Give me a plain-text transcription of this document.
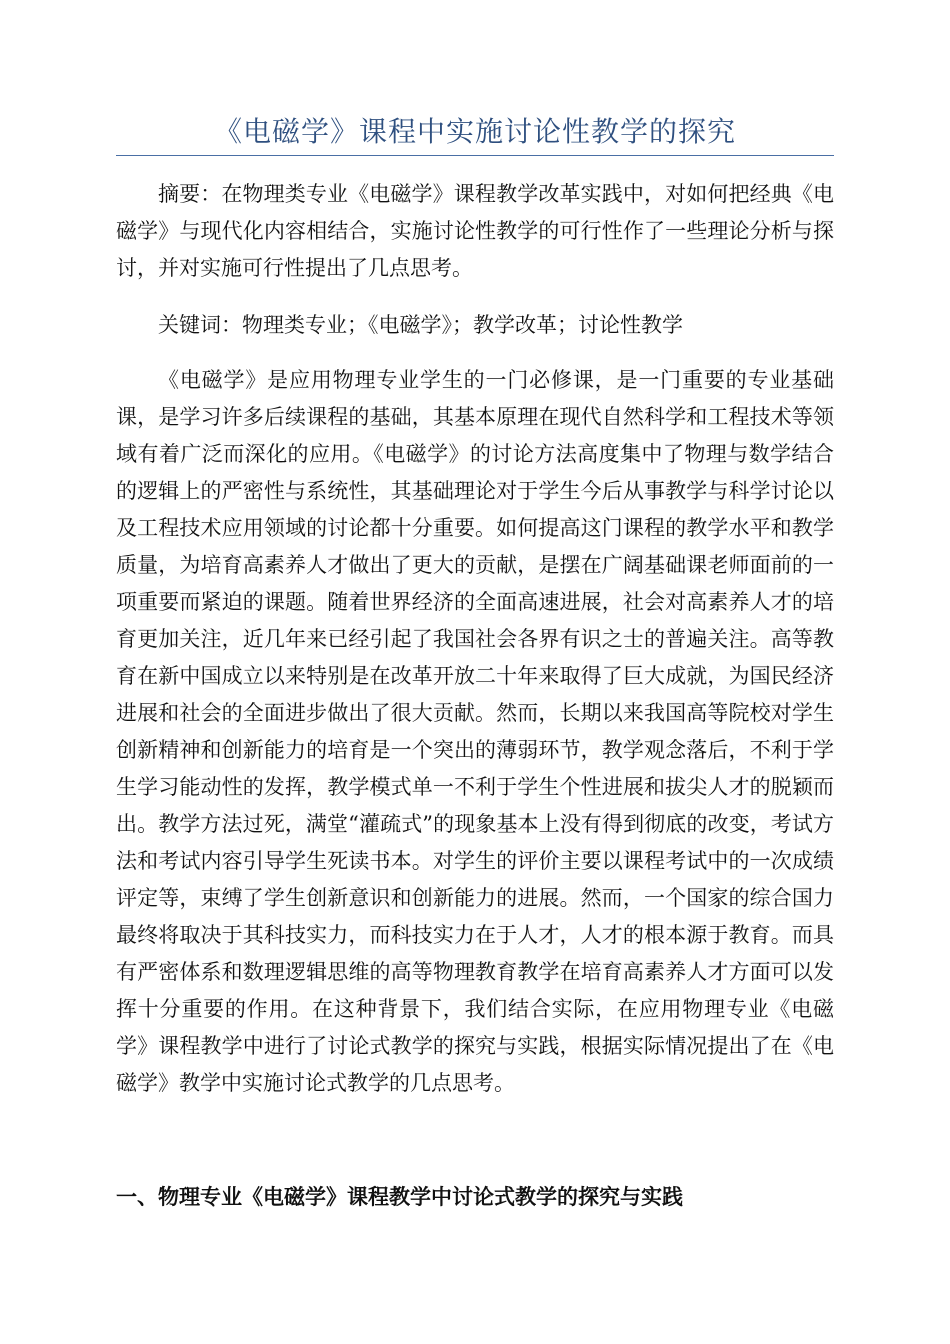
《电磁学》课程中实施讨论性教学的探究

摘要：在物理类专业《电磁学》课程教学改革实践中，对如何把经典《电磁学》与现代化内容相结合，实施讨论性教学的可行性作了一些理论分析与探讨，并对实施可行性提出了几点思考。

关键词：物理类专业；《电磁学》；教学改革；讨论性教学

《电磁学》是应用物理专业学生的一门必修课，是一门重要的专业基础课，是学习许多后续课程的基础，其基本原理在现代自然科学和工程技术等领域有着广泛而深化的应用。《电磁学》的讨论方法高度集中了物理与数学结合的逻辑上的严密性与系统性，其基础理论对于学生今后从事教学与科学讨论以及工程技术应用领域的讨论都十分重要。如何提高这门课程的教学水平和教学质量，为培育高素养人才做出了更大的贡献，是摆在广阔基础课老师面前的一项重要而紧迫的课题。随着世界经济的全面高速进展，社会对高素养人才的培育更加关注，近几年来已经引起了我国社会各界有识之士的普遍关注。高等教育在新中国成立以来特别是在改革开放二十年来取得了巨大成就，为国民经济进展和社会的全面进步做出了很大贡献。然而，长期以来我国高等院校对学生创新精神和创新能力的培育是一个突出的薄弱环节，教学观念落后，不利于学生学习能动性的发挥，教学模式单一不利于学生个性进展和拔尖人才的脱颖而出。教学方法过死，满堂“灌疏式”的现象基本上没有得到彻底的改变，考试方法和考试内容引导学生死读书本。对学生的评价主要以课程考试中的一次成绩评定等，束缚了学生创新意识和创新能力的进展。然而，一个国家的综合国力最终将取决于其科技实力，而科技实力在于人才，人才的根本源于教育。而具有严密体系和数理逻辑思维的高等物理教育教学在培育高素养人才方面可以发挥十分重要的作用。在这种背景下，我们结合实际，在应用物理专业《电磁学》课程教学中进行了讨论式教学的探究与实践，根据实际情况提出了在《电磁学》教学中实施讨论式教学的几点思考。

一、物理专业《电磁学》课程教学中讨论式教学的探究与实践
